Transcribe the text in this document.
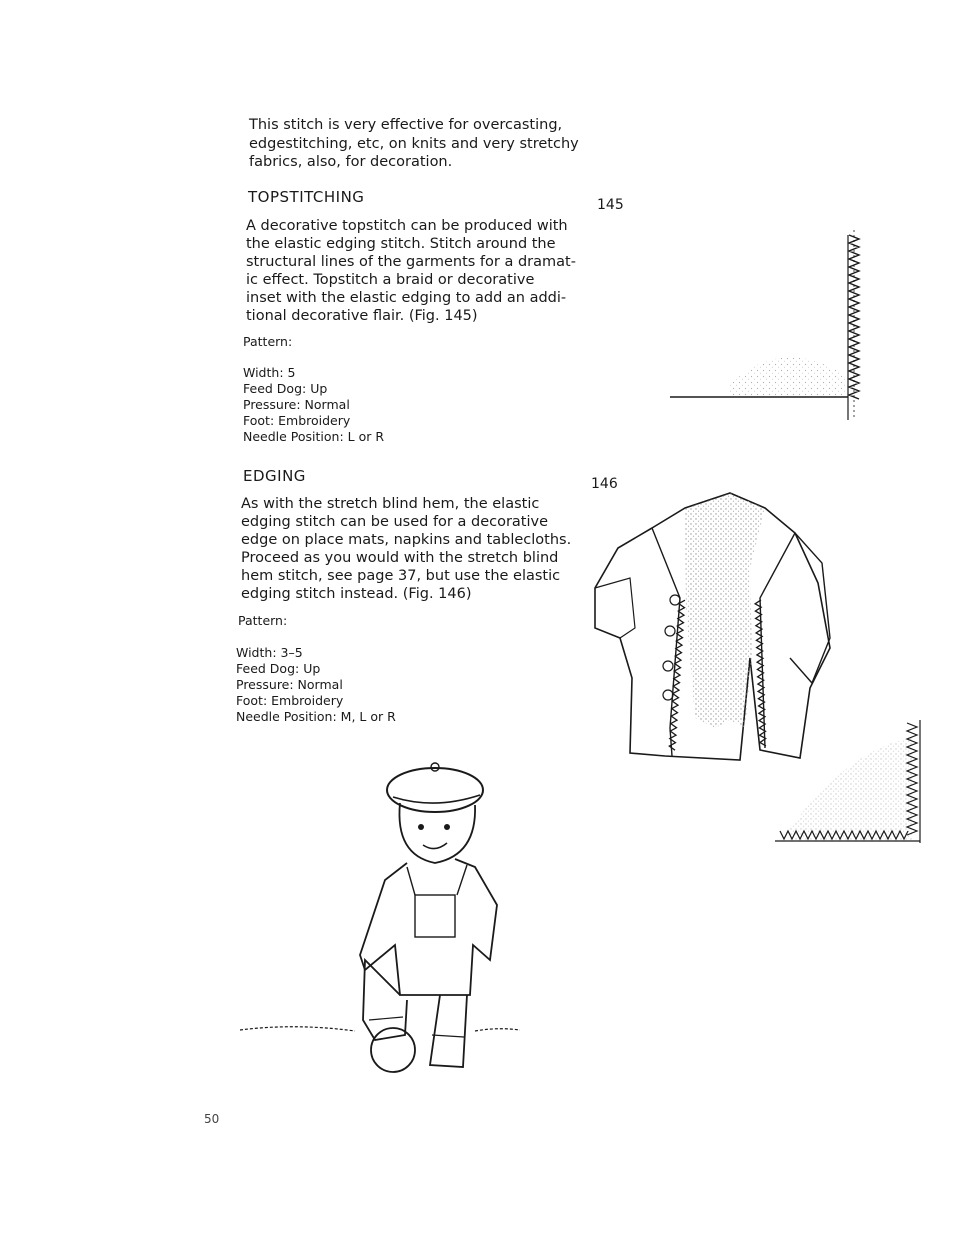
This stitch is very effective for overcasting,
edgestitching, etc, on knits and very stretchy
fabrics, also, for decoration.
TOPSTITCHING
A decorative topstitch can be produced with
the elastic edging stitch. Stitch around the
structural lines of the garments for a dramat-
ic effect. Topstitch a braid or decorative
inset with the elastic edging to add an addi-
tional decorative flair. (Fig. 145)
Pattern:
Width: 5
Feed Dog: Up
Pressure: Normal
Foot: Embroidery
Needle Position: L or R
EDGING
As with the stretch blind hem, the elastic
edging stitch can be used for a decorative
edge on place mats, napkins and tablecloths.
Proceed as you would with the stretch blind
hem stitch, see page 37, but use the elastic
edging stitch instead. (Fig. 146)
Pattern:
Width: 3–5
Feed Dog: Up
Pressure: Normal
Foot: Embroidery
Needle Position: M, L or R
145
146
50
